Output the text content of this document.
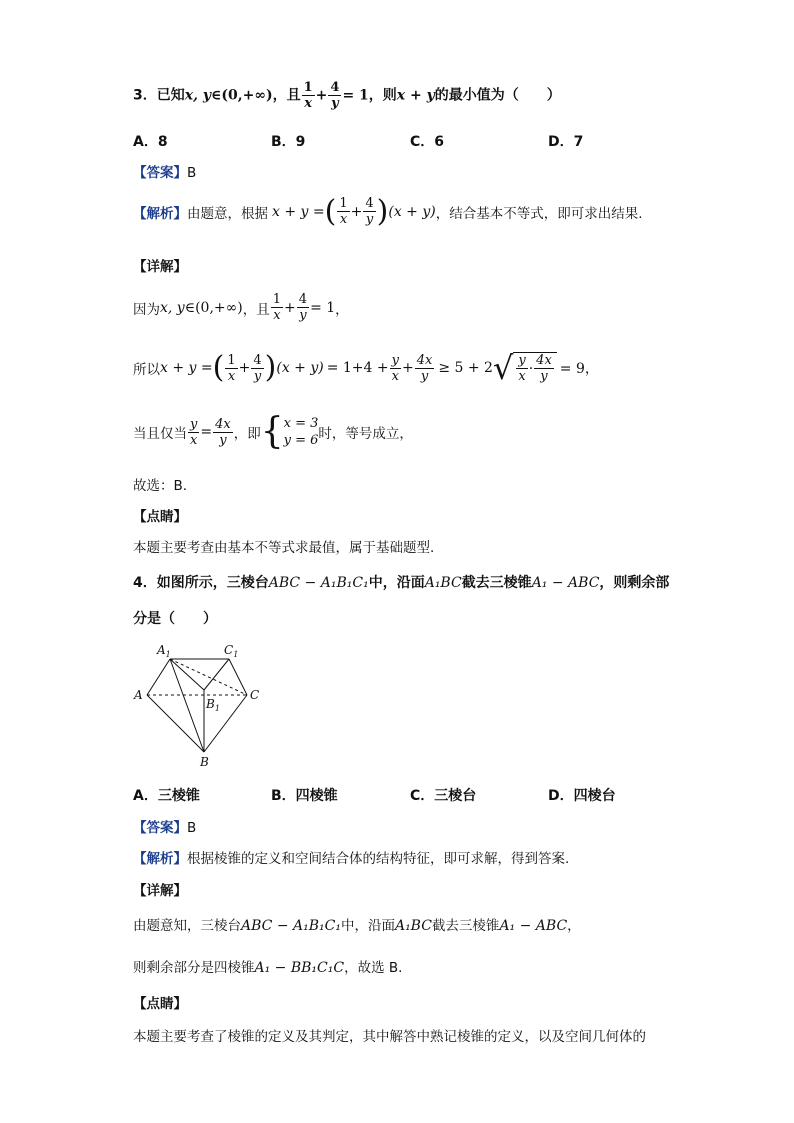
3．已知x, y∈(0,+∞)，且 $\frac{1}{x} + \frac{4}{y} = 1$，则x + y的最小值为（　　）
A．8	B．9	C．6	D．7
【答案】B
【解析】 由题意，根据 x + y = ( $\frac{1}{x} + \frac{4}{y}$ ) (x + y) ，结合基本不等式，即可求出结果.
【详解】
因为 x, y ∈(0,+∞) ，且 $\frac{1}{x} + \frac{4}{y} = 1$ ，
所以 x + y = ( $\frac{1}{x} + \frac{4}{y}$ ) $(x + y) = 1+4 + \frac{y}{x} + \frac{4x}{y} \ge 5 + 2$ √ $\frac{y}{x} \cdot \frac{4x}{y} = 9$，
当且仅当 $\frac{y}{x} = \frac{4x}{y}$ ，即 { x = 3
y = 6 时，等号成立，
故选：B.
【点睛】
本题主要考查由基本不等式求最值，属于基础题型.
4．如图所示，三棱台ABC − A₁B₁C₁中，沿面A₁BC截去三棱锥A₁ − ABC，则剩余部
分是（　　）
$A_1$	$C_1$
A
$B_1$
C
B
A．三棱锥	B．四棱锥	C．三棱台	D．四棱台
【答案】B
【解析】根据棱锥的定义和空间结合体的结构特征，即可求解，得到答案.
【详解】
由题意知，三棱台ABC − A₁B₁C₁中，沿面A₁BC截去三棱锥A₁ − ABC，
则剩余部分是四棱锥A₁ − BB₁C₁C，故选 B.
【点睛】
本题主要考查了棱锥的定义及其判定，其中解答中熟记棱锥的定义，以及空间几何体的
